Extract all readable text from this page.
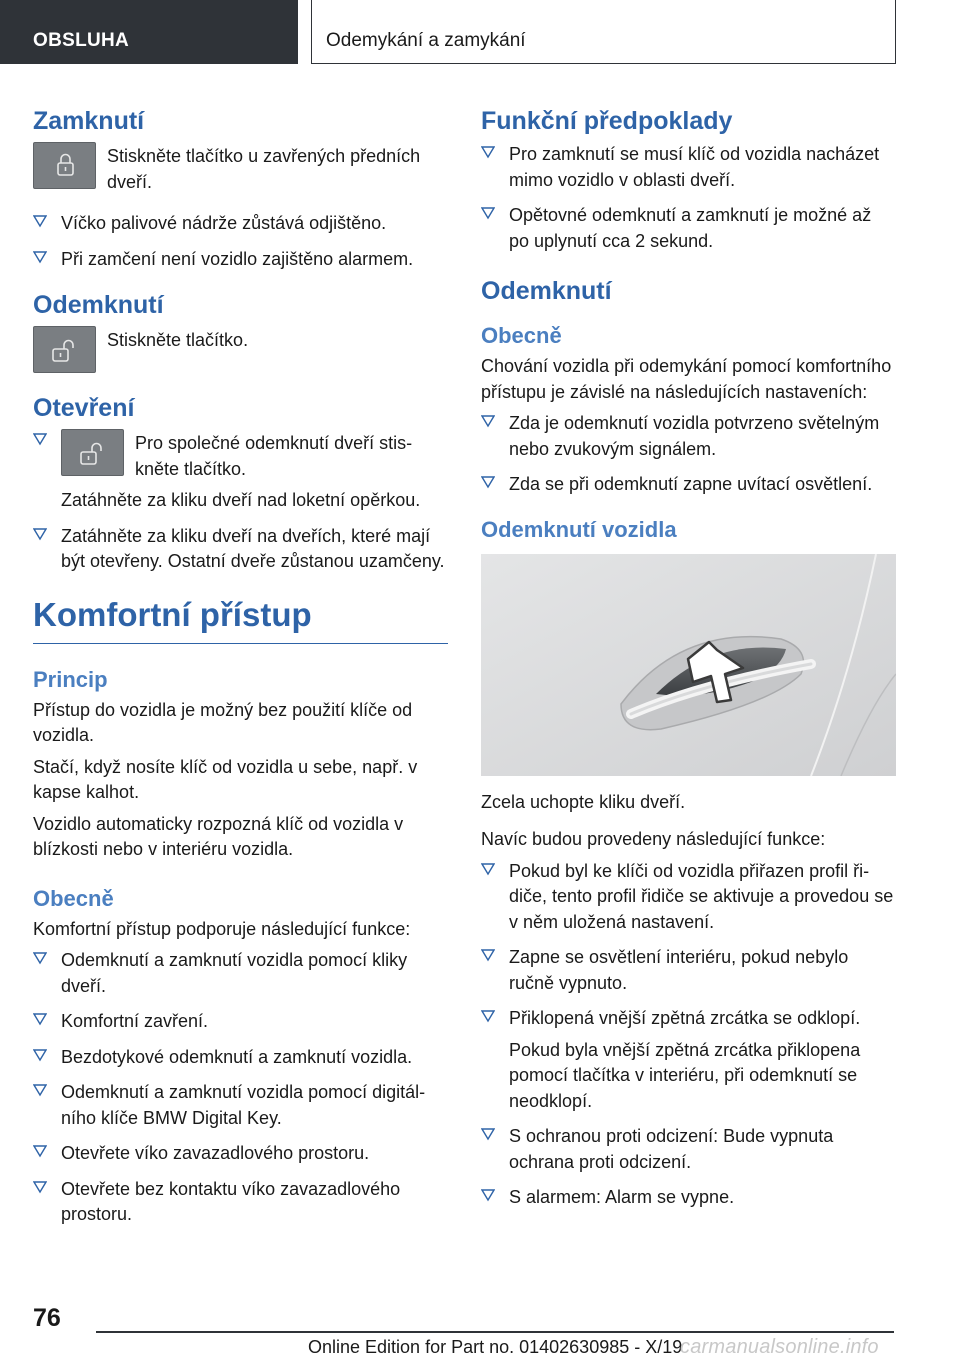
OBSLUHA	Odemykání a zamykání
Zamknutí
Stiskněte tlačítko u zavřených předních dveří.
Víčko palivové nádrže zůstává odjištěno.
Při zamčení není vozidlo zajištěno alarmem.
Odemknutí
Stiskněte tlačítko.
Otevření
Pro společné odemknutí dveří stiskněte tlačítko.

Zatáhněte za kliku dveří nad loketní opěrkou.

Zatáhněte za kliku dveří na dveřích, které mají být otevřeny. Ostatní dveře zůstanou uzamčeny.
Komfortní přístup
Princip

Přístup do vozidla je možný bez použití klíče od vozidla.

Stačí, když nosíte klíč od vozidla u sebe, např. v kapse kalhot.

Vozidlo automaticky rozpozná klíč od vozidla v blízkosti nebo v interiéru vozidla.

Obecně

Komfortní přístup podporuje následující funkce:

Odemknutí a zamknutí vozidla pomocí kliky dveří.
Komfortní zavření.
Bezdotykové odemknutí a zamknutí vozidla.
Odemknutí a zamknutí vozidla pomocí digitálního klíče BMW Digital Key.
Otevřete víko zavazadlového prostoru.
Otevřete bez kontaktu víko zavazadlového prostoru.
Funkční předpoklady
Pro zamknutí se musí klíč od vozidla nacházet mimo vozidlo v oblasti dveří.
Opětovné odemknutí a zamknutí je možné až po uplynutí cca 2 sekund.
Odemknutí
Obecně

Chování vozidla při odemykání pomocí komfortního přístupu je závislé na následujících nastaveních:

Zda je odemknutí vozidla potvrzeno světelným nebo zvukovým signálem.
Zda se při odemknutí zapne uvítací osvětlení.
Odemknutí vozidla

Zcela uchopte kliku dveří.

Navíc budou provedeny následující funkce:

Pokud byl ke klíči od vozidla přiřazen profil řidiče, tento profil řidiče se aktivuje a provedou se v něm uložená nastavení.
Zapne se osvětlení interiéru, pokud nebylo ručně vypnuto.
Přiklopená vnější zpětná zrcátka se odklopí.

Pokud byla vnější zpětná zrcátka přiklopena pomocí tlačítka v interiéru, při odemknutí se neodklopí.

S ochranou proti odcizení: Bude vypnuta ochrana proti odcizení.
S alarmem: Alarm se vypne.
76
Online Edition for Part no. 01402630985 - X/19
carmanualsonline.info
